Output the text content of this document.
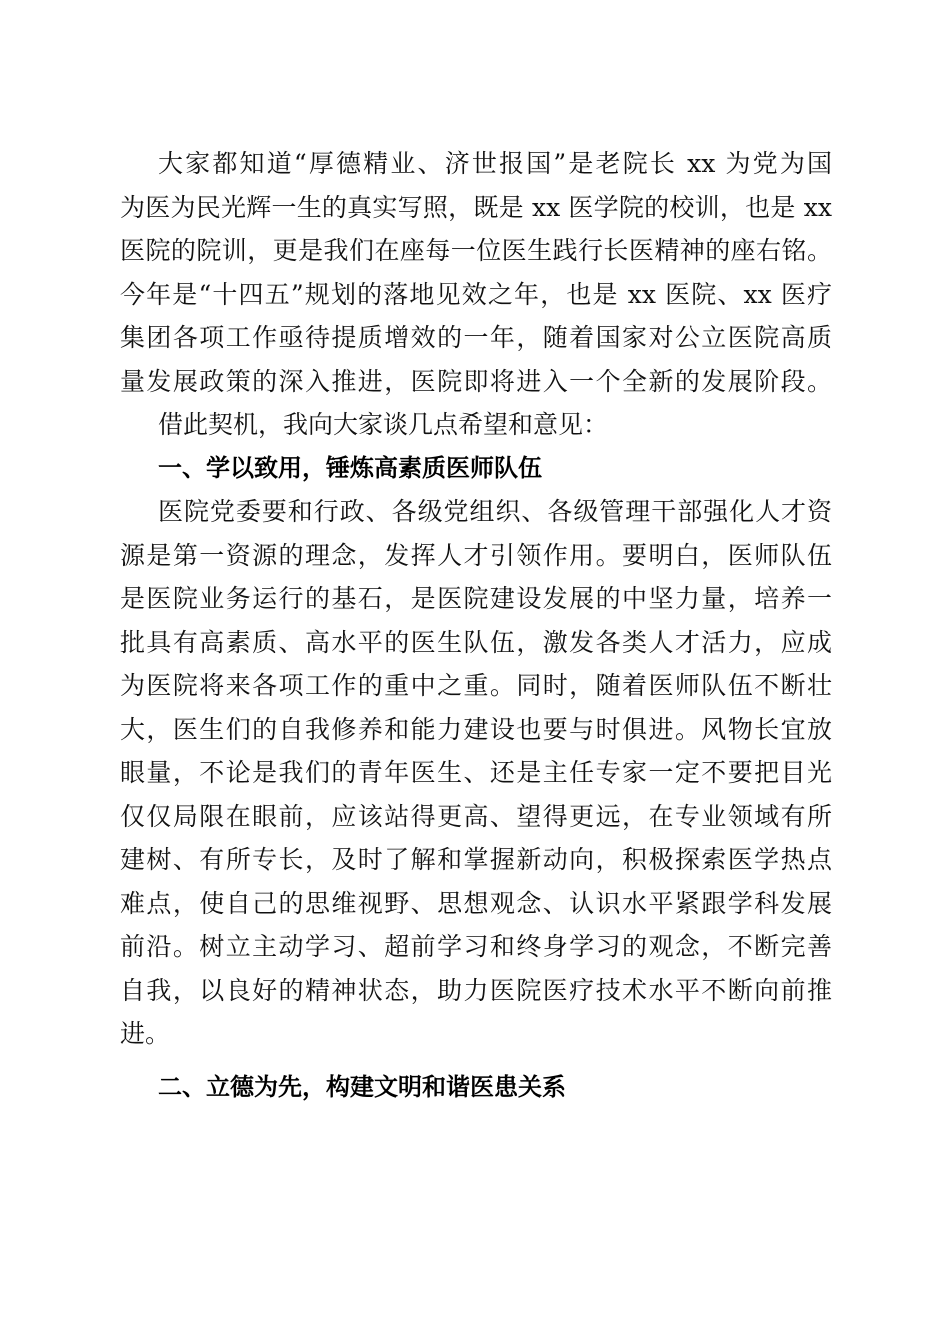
大家都知道“厚德精业、济世报国”是老院长 xx 为党为国
为医为民光辉一生的真实写照，既是 xx 医学院的校训，也是 xx
医院的院训，更是我们在座每一位医生践行长医精神的座右铭。
今年是“十四五”规划的落地见效之年，也是 xx 医院、xx 医疗
集团各项工作亟待提质增效的一年，随着国家对公立医院高质
量发展政策的深入推进，医院即将进入一个全新的发展阶段。
借此契机，我向大家谈几点希望和意见：
一、学以致用，锤炼高素质医师队伍
医院党委要和行政、各级党组织、各级管理干部强化人才资
源是第一资源的理念，发挥人才引领作用。要明白，医师队伍
是医院业务运行的基石，是医院建设发展的中坚力量，培养一
批具有高素质、高水平的医生队伍，激发各类人才活力，应成
为医院将来各项工作的重中之重。同时，随着医师队伍不断壮
大，医生们的自我修养和能力建设也要与时俱进。风物长宜放
眼量，不论是我们的青年医生、还是主任专家一定不要把目光
仅仅局限在眼前，应该站得更高、望得更远，在专业领域有所
建树、有所专长，及时了解和掌握新动向，积极探索医学热点
难点，使自己的思维视野、思想观念、认识水平紧跟学科发展
前沿。树立主动学习、超前学习和终身学习的观念，不断完善
自我，以良好的精神状态，助力医院医疗技术水平不断向前推
进。
二、立德为先，构建文明和谐医患关系
